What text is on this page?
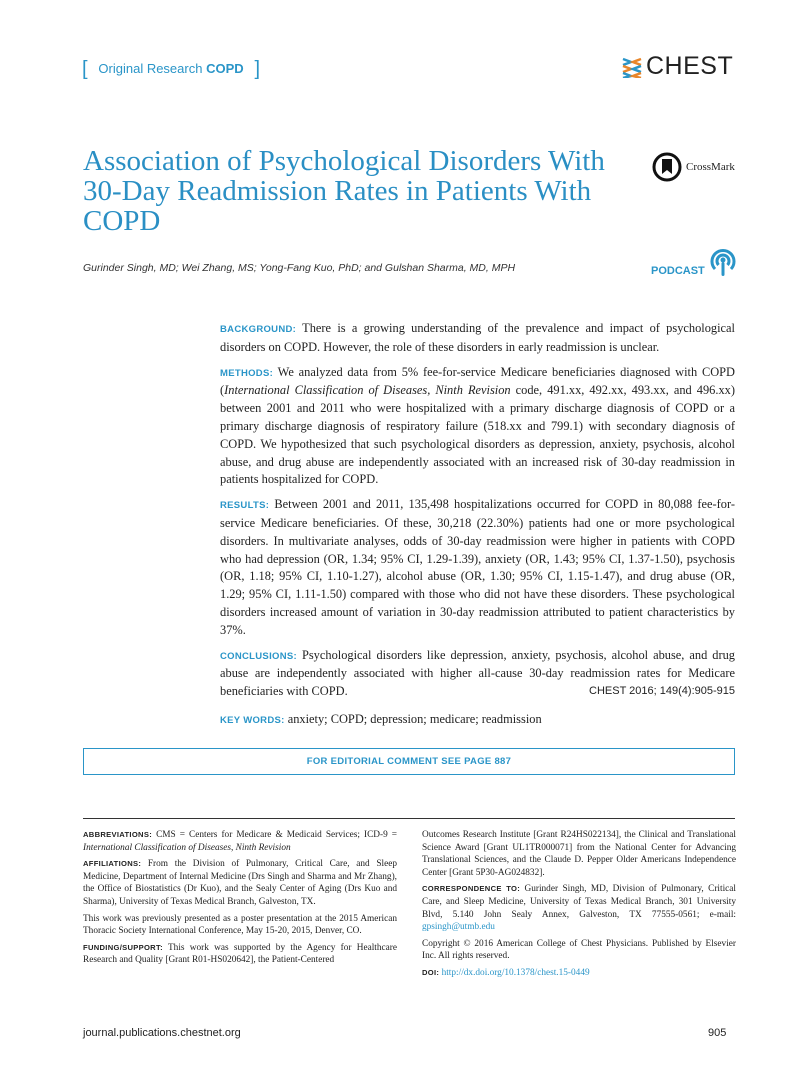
[ Original Research COPD ]	CHEST
Association of Psychological Disorders With 30-Day Readmission Rates in Patients With COPD
CrossMark
Gurinder Singh, MD; Wei Zhang, MS; Yong-Fang Kuo, PhD; and Gulshan Sharma, MD, MPH	PODCAST

BACKGROUND: There is a growing understanding of the prevalence and impact of psychological disorders on COPD. However, the role of these disorders in early readmission is unclear.

METHODS: We analyzed data from 5% fee-for-service Medicare beneficiaries diagnosed with COPD (International Classification of Diseases, Ninth Revision code, 491.xx, 492.xx, 493.xx, and 496.xx) between 2001 and 2011 who were hospitalized with a primary discharge diagnosis of COPD or a primary discharge diagnosis of respiratory failure (518.xx and 799.1) with secondary diagnosis of COPD. We hypothesized that such psychological disorders as depression, anxiety, psychosis, alcohol abuse, and drug abuse are independently associated with an increased risk of 30-day readmission in patients hospitalized for COPD.

RESULTS: Between 2001 and 2011, 135,498 hospitalizations occurred for COPD in 80,088 fee-for-service Medicare beneficiaries. Of these, 30,218 (22.30%) patients had one or more psychological disorders. In multivariate analyses, odds of 30-day readmission were higher in patients with COPD who had depression (OR, 1.34; 95% CI, 1.29-1.39), anxiety (OR, 1.43; 95% CI, 1.37-1.50), psychosis (OR, 1.18; 95% CI, 1.10-1.27), alcohol abuse (OR, 1.30; 95% CI, 1.15-1.47), and drug abuse (OR, 1.29; 95% CI, 1.11-1.50) compared with those who did not have these disorders. These psychological disorders increased amount of variation in 30-day readmission attributed to patient characteristics by 37%.

CONCLUSIONS: Psychological disorders like depression, anxiety, psychosis, alcohol abuse, and drug abuse are independently associated with higher all-cause 30-day readmission rates for Medicare beneficiaries with COPD.	CHEST 2016; 149(4):905-915

KEY WORDS: anxiety; COPD; depression; medicare; readmission

FOR EDITORIAL COMMENT SEE PAGE 887

ABBREVIATIONS: CMS = Centers for Medicare & Medicaid Services; ICD-9 = International Classification of Diseases, Ninth Revision

AFFILIATIONS: From the Division of Pulmonary, Critical Care, and Sleep Medicine, Department of Internal Medicine (Drs Singh and Sharma and Mr Zhang), the Office of Biostatistics (Dr Kuo), and the Sealy Center of Aging (Drs Kuo and Sharma), University of Texas Medical Branch, Galveston, TX.

This work was previously presented as a poster presentation at the 2015 American Thoracic Society International Conference, May 15-20, 2015, Denver, CO.

FUNDING/SUPPORT: This work was supported by the Agency for Healthcare Research and Quality [Grant R01-HS020642], the Patient-Centered

Outcomes Research Institute [Grant R24HS022134], the Clinical and Translational Science Award [Grant UL1TR000071] from the National Center for Advancing Translational Sciences, and the Claude D. Pepper Older Americans Independence Center [Grant 5P30-AG024832].

CORRESPONDENCE TO: Gurinder Singh, MD, Division of Pulmonary, Critical Care, and Sleep Medicine, University of Texas Medical Branch, 301 University Blvd, 5.140 John Sealy Annex, Galveston, TX 77555-0561; e-mail: gpsingh@utmb.edu

Copyright © 2016 American College of Chest Physicians. Published by Elsevier Inc. All rights reserved.

DOI: http://dx.doi.org/10.1378/chest.15-0449

journal.publications.chestnet.org	905
